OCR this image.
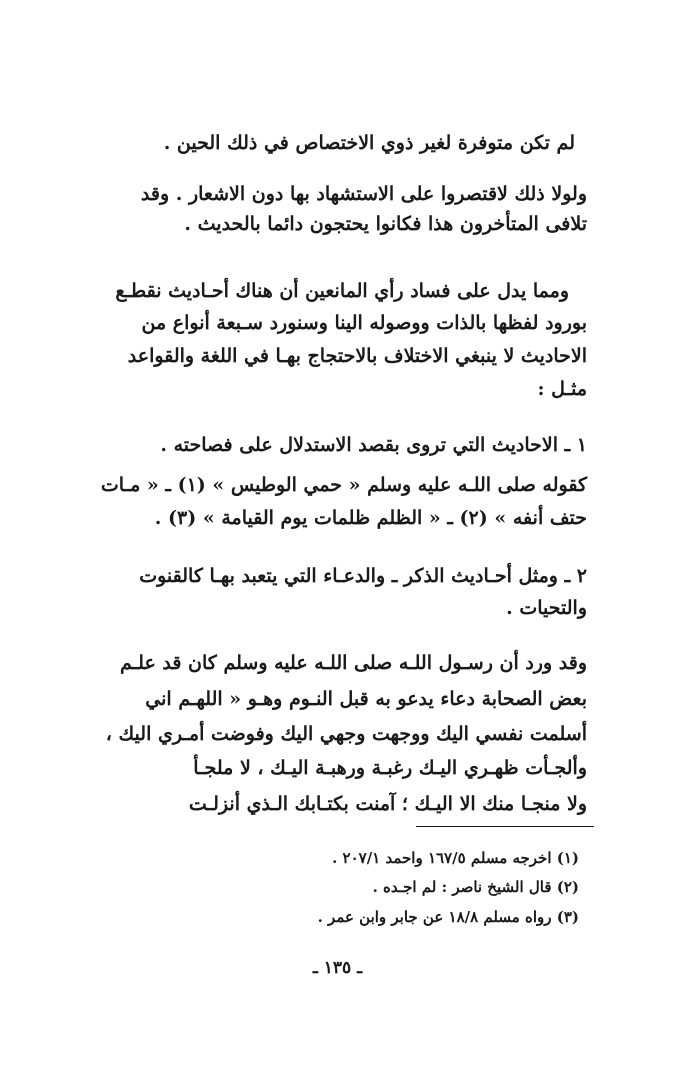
لم تكن متوفرة لغير ذوي الاختصاص في ذلك الحين .
ولولا ذلك لاقتصروا على الاستشهاد بها دون الاشعار . وقد
تلافى المتأخرون هذا فكانوا يحتجون دائما بالحديث .
ومما يدل على فساد رأي المانعين أن هناك أحـاديث نقطـع
بورود لفظها بالذات ووصوله الينا وسنورد سـبعة أنواع من
الاحاديث لا ينبغي الاختلاف بالاحتجاج بهـا في اللغة والقواعد
مثـل :
١ ـ الاحاديث التي تروى بقصد الاستدلال على فصاحته .
كقوله صلى اللـه عليه وسلم « حمي الوطيس » (١) ـ « مـات
حتف أنفه » (٢) ـ « الظلم ظلمات يوم القيامة » (٣) .
٢ ـ ومثل أحـاديث الذكر ـ والدعـاء التي يتعبد بهـا كالقنوت
والتحيات .
وقد ورد أن رسـول اللـه صلى اللـه عليه وسلم كان قد علـم
بعض الصحابة دعاء يدعو به قبل النـوم وهـو « اللهـم اني
أسلمت نفسي اليك ووجهت وجهي اليك وفوضت أمـري اليك ،
وألجـأت ظهـري اليـك رغبـة ورهبـة اليـك ، لا ملجـأ
ولا منجـا منك الا اليـك ؛ آمنت بكتـابك الـذي أنزلـت
(١) اخرجه مسلم ١٦٧/٥ واحمد ٢٠٧/١ .
(٢) قال الشيخ ناصر : لم اجـده .
(٣) رواه مسلم ١٨/٨ عن جابر وابن عمر .
ـ ١٣٥ ـ
